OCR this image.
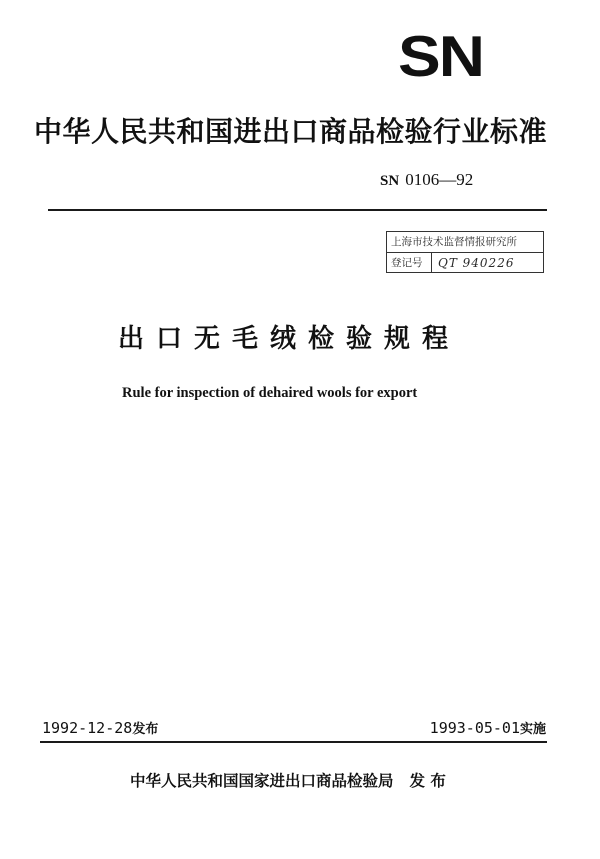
SN
中华人民共和国进出口商品检验行业标准
SN 0106—92
上海市技术监督情报研究所
登记号	QT 940226
出口无毛绒检验规程
Rule for inspection of dehaired wools for export
1992-12-28发布	1993-05-01实施
中华人民共和国国家进出口商品检验局 发 布
